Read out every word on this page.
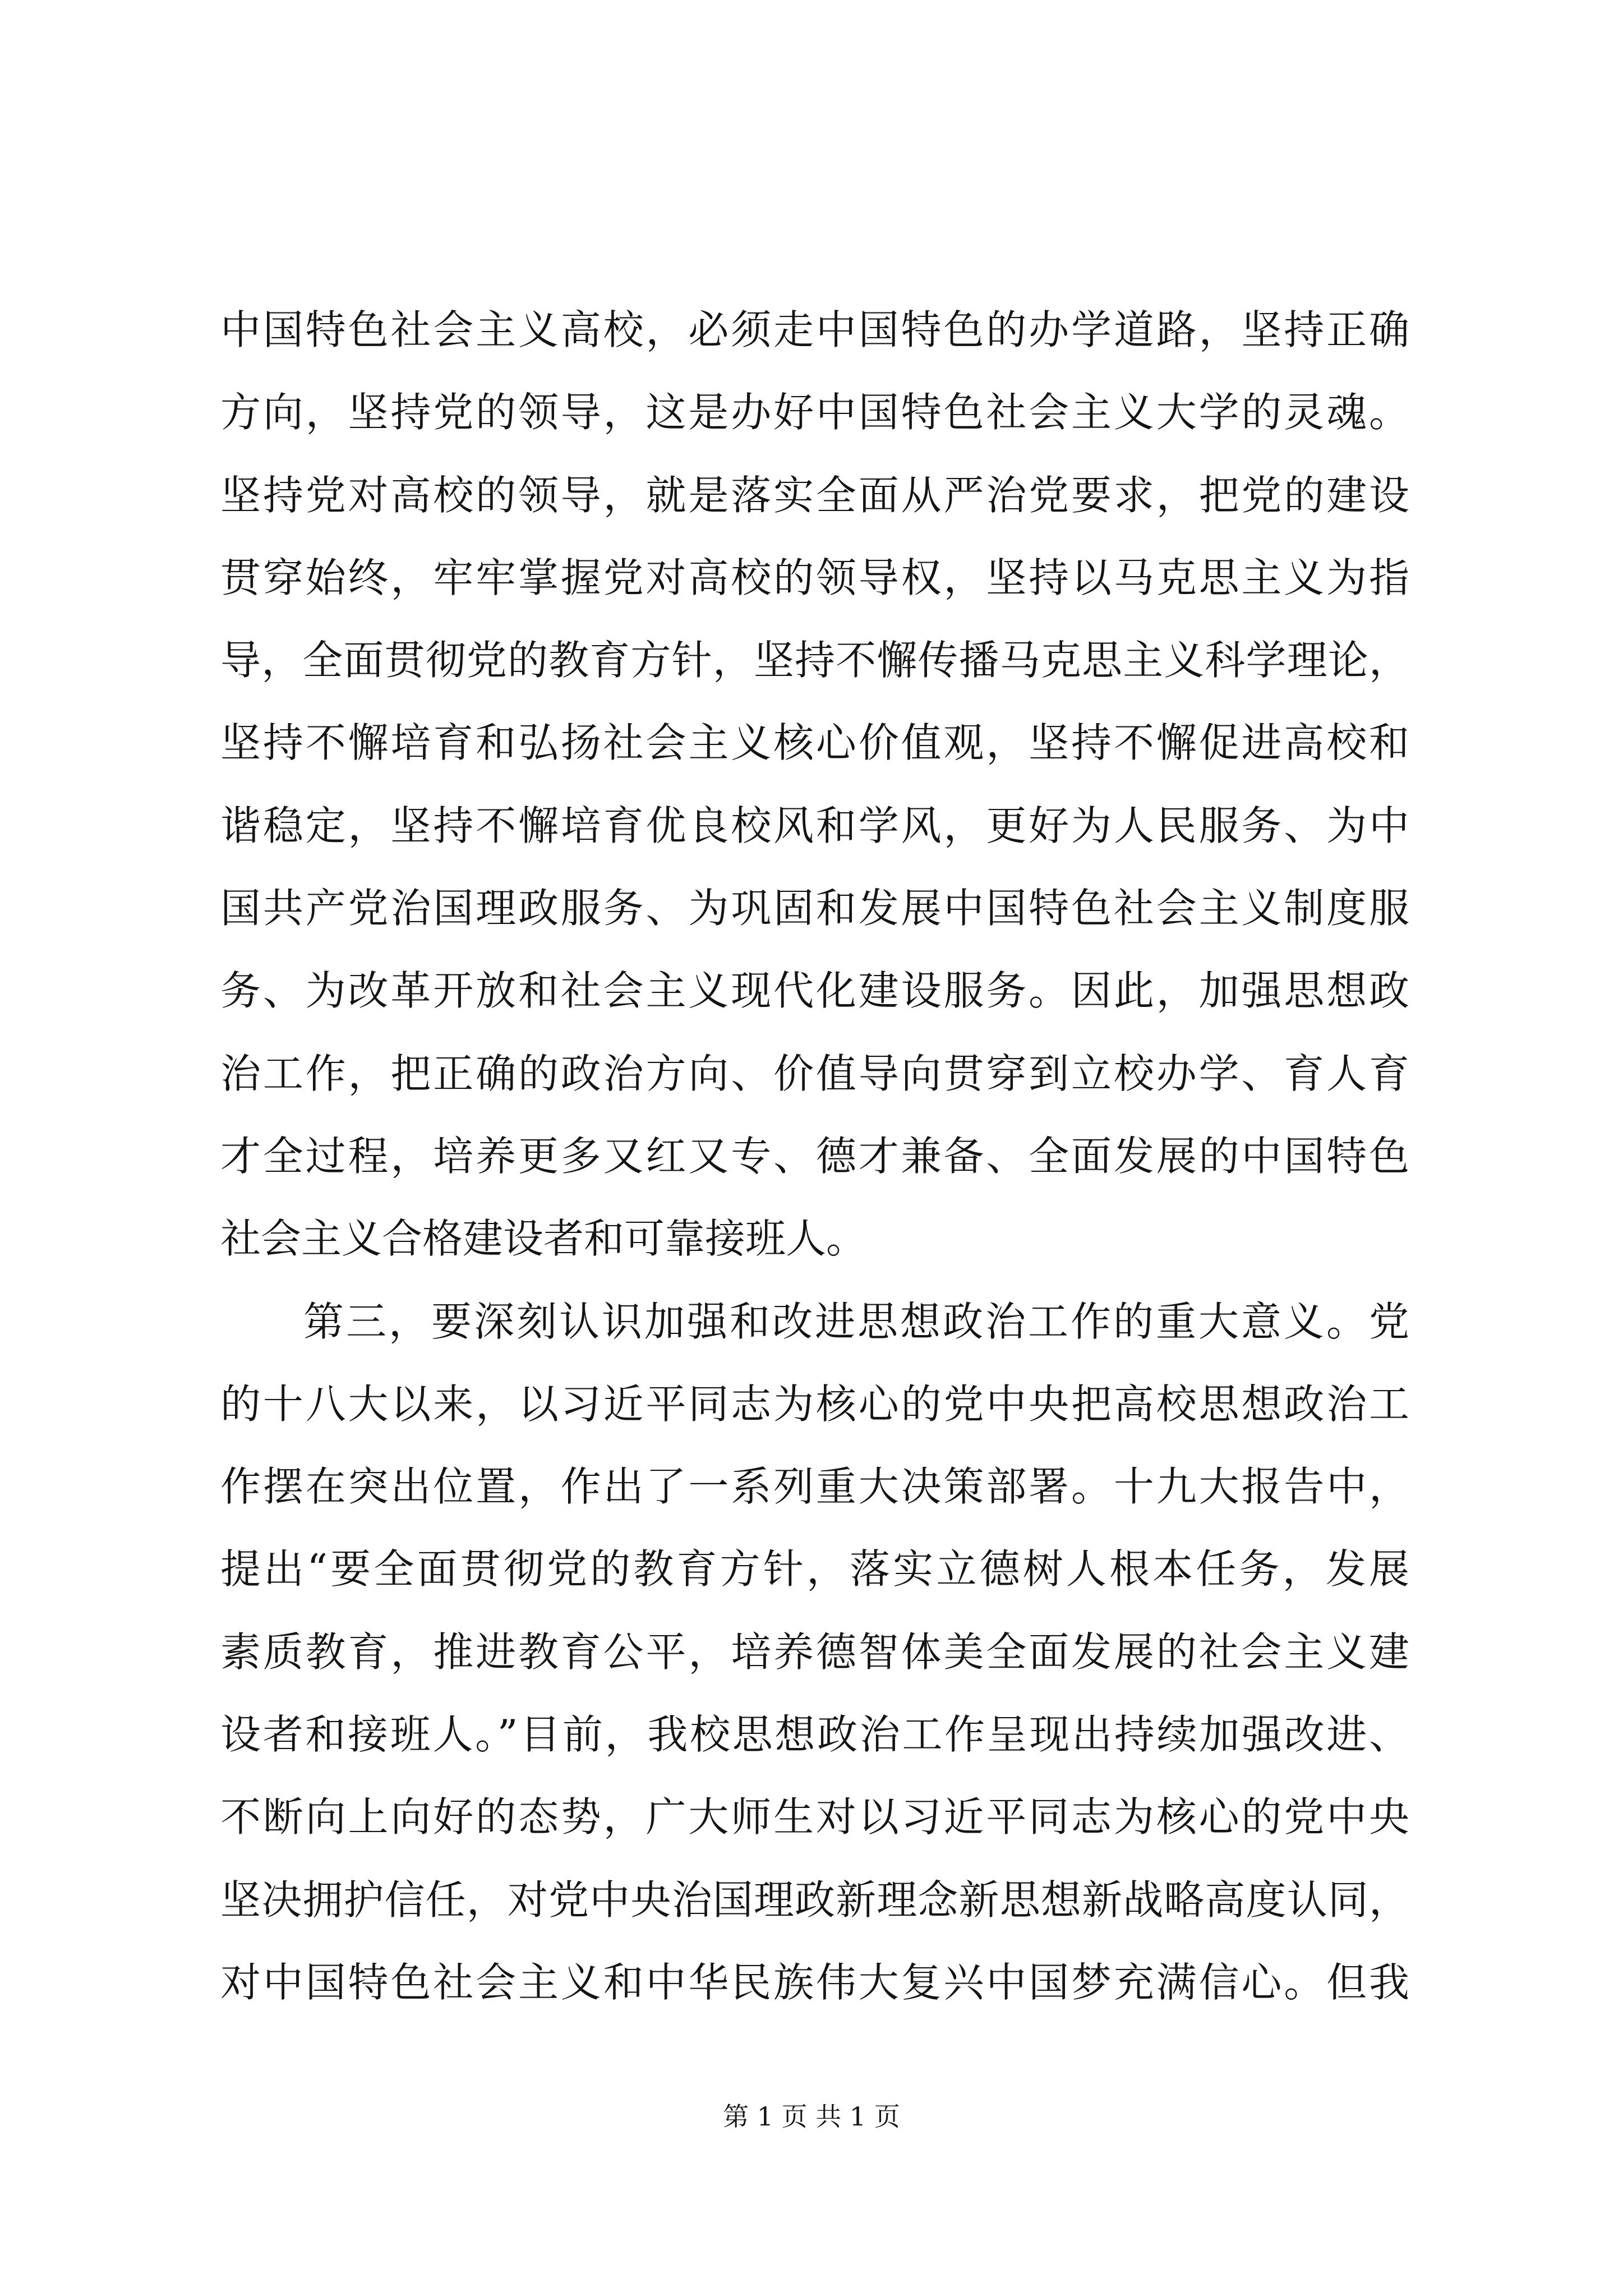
中国特色社会主义高校，必须走中国特色的办学道路，坚持正确
方向，坚持党的领导，这是办好中国特色社会主义大学的灵魂。
坚持党对高校的领导，就是落实全面从严治党要求，把党的建设
贯穿始终，牢牢掌握党对高校的领导权，坚持以马克思主义为指
导，全面贯彻党的教育方针，坚持不懈传播马克思主义科学理论，
坚持不懈培育和弘扬社会主义核心价值观，坚持不懈促进高校和
谐稳定，坚持不懈培育优良校风和学风，更好为人民服务、为中
国共产党治国理政服务、为巩固和发展中国特色社会主义制度服
务、为改革开放和社会主义现代化建设服务。因此，加强思想政
治工作，把正确的政治方向、价值导向贯穿到立校办学、育人育
才全过程，培养更多又红又专、德才兼备、全面发展的中国特色
社会主义合格建设者和可靠接班人。
第三，要深刻认识加强和改进思想政治工作的重大意义。党
的十八大以来，以习近平同志为核心的党中央把高校思想政治工
作摆在突出位置，作出了一系列重大决策部署。十九大报告中，
提出“要全面贯彻党的教育方针，落实立德树人根本任务，发展
素质教育，推进教育公平，培养德智体美全面发展的社会主义建
设者和接班人。”目前，我校思想政治工作呈现出持续加强改进、
不断向上向好的态势，广大师生对以习近平同志为核心的党中央
坚决拥护信任，对党中央治国理政新理念新思想新战略高度认同，
对中国特色社会主义和中华民族伟大复兴中国梦充满信心。但我
第 1 页 共 1 页
